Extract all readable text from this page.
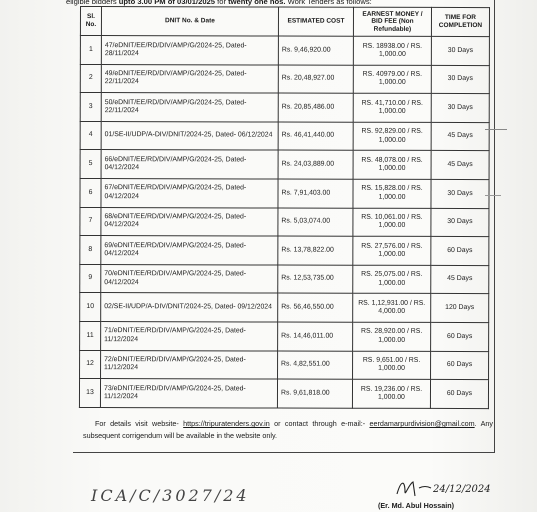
eligible bidders upto 3.00 PM of 03/01/2025 for twenty one nos. Work Tenders as follows:
Sl. No.	DNIT No. & Date	ESTIMATED COST	EARNEST MONEY / BID FEE (Non Refundable)	TIME FOR COMPLETION
1	47/eDNIT/EE/RD/DIV/AMP/G/2024-25, Dated- 28/11/2024	Rs. 9,46,920.00	RS. 18938.00 / RS. 1,000.00	30 Days
2	49/eDNIT/EE/RD/DIV/AMP/G/2024-25, Dated- 22/11/2024	Rs. 20,48,927.00	RS. 40979.00 / RS. 1,000.00	30 Days
3	50/eDNIT/EE/RD/DIV/AMP/G/2024-25, Dated- 22/11/2024	Rs. 20,85,486.00	RS. 41,710.00 / RS. 1,000.00	30 Days
4	01/SE-II/UDP/A-DIV/DNIT/2024-25, Dated- 06/12/2024	Rs. 46,41,440.00	RS. 92,829.00 / RS. 1,000.00	45 Days
5	66/eDNIT/EE/RD/DIV/AMP/G/2024-25, Dated- 04/12/2024	Rs. 24,03,889.00	RS. 48,078.00 / RS. 1,000.00	45 Days
6	67/eDNIT/EE/RD/DIV/AMP/G/2024-25, Dated- 04/12/2024	Rs. 7,91,403.00	RS. 15,828.00 / RS. 1,000.00	30 Days
7	68/eDNIT/EE/RD/DIV/AMP/G/2024-25, Dated- 04/12/2024	Rs. 5,03,074.00	RS. 10,061.00 / RS. 1,000.00	30 Days
8	69/eDNIT/EE/RD/DIV/AMP/G/2024-25, Dated- 04/12/2024	Rs. 13,78,822.00	RS. 27,576.00 / RS. 1,000.00	60 Days
9	70/eDNIT/EE/RD/DIV/AMP/G/2024-25, Dated- 04/12/2024	Rs. 12,53,735.00	RS. 25,075.00 / RS. 1,000.00	45 Days
10	02/SE-II/UDP/A-DIV/DNIT/2024-25, Dated- 09/12/2024	Rs. 56,46,550.00	RS. 1,12,931.00 / RS. 4,000.00	120 Days
11	71/eDNIT/EE/RD/DIV/AMP/G/2024-25, Dated- 11/12/2024	Rs. 14,46,011.00	RS. 28,920.00 / RS. 1,000.00	60 Days
12	72/eDNIT/EE/RD/DIV/AMP/G/2024-25, Dated- 11/12/2024	Rs. 4,82,551.00	RS. 9,651.00 / RS. 1,000.00	60 Days
13	73/eDNIT/EE/RD/DIV/AMP/G/2024-25, Dated- 11/12/2024	Rs. 9,61,818.00	RS. 19,236.00 / RS. 1,000.00	60 Days
For details visit website- https://tripuratenders.gov.in or contact through e-mail:- eerdamarpurdivision@gmail.com. Any subsequent corrigendum will be available in the website only.
ICA/C/3027/24	24/12/2024
(Er. Md. Abul Hossain)
